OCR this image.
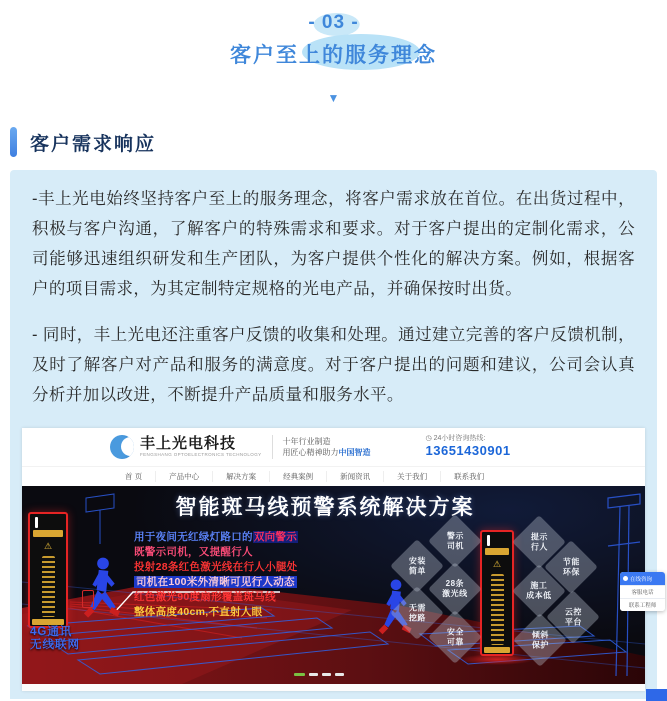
- 03 -

客户至上的服务理念
▼
客户需求响应

-丰上光电始终坚持客户至上的服务理念，将客户需求放在首位。在出货过程中，积极与客户沟通，了解客户的特殊需求和要求。对于客户提出的定制化需求，公司能够迅速组织研发和生产团队，为客户提供个性化的解决方案。例如，根据客户的项目需求，为其定制特定规格的光电产品，并确保按时出货。

- 同时，丰上光电还注重客户反馈的收集和处理。通过建立完善的客户反馈机制，及时了解客户对产品和服务的满意度。对于客户提出的问题和建议，公司会认真分析并加以改进，不断提升产品质量和服务水平。

丰上光电科技
FENGSHANG OPTOELECTRONICS TECHNOLOGY
十年行业制造
用匠心精神助力中国智造
◷ 24小时咨询热线:
13651430901
首 页	产品中心	解决方案	经典案例	新闻资讯	关于我们	联系我们
智能斑马线预警系统解决方案
⚠
⚠
用于夜间无红绿灯路口的双向警示
既警示司机，又提醒行人
投射28条红色激光线在行人小腿处
司机在100米外清晰可见行人动态
红色激光90度扇形覆盖斑马线
整体高度40cm,不直射人眼
4G通讯
无线联网
警示
司机
安装
简单
28条
激光线
无需
挖路
安全
可靠
提示
行人
节能
环保
施工
成本低
云控
平台
倾斜
保护
在线咨询
客服电话
联系工程师
